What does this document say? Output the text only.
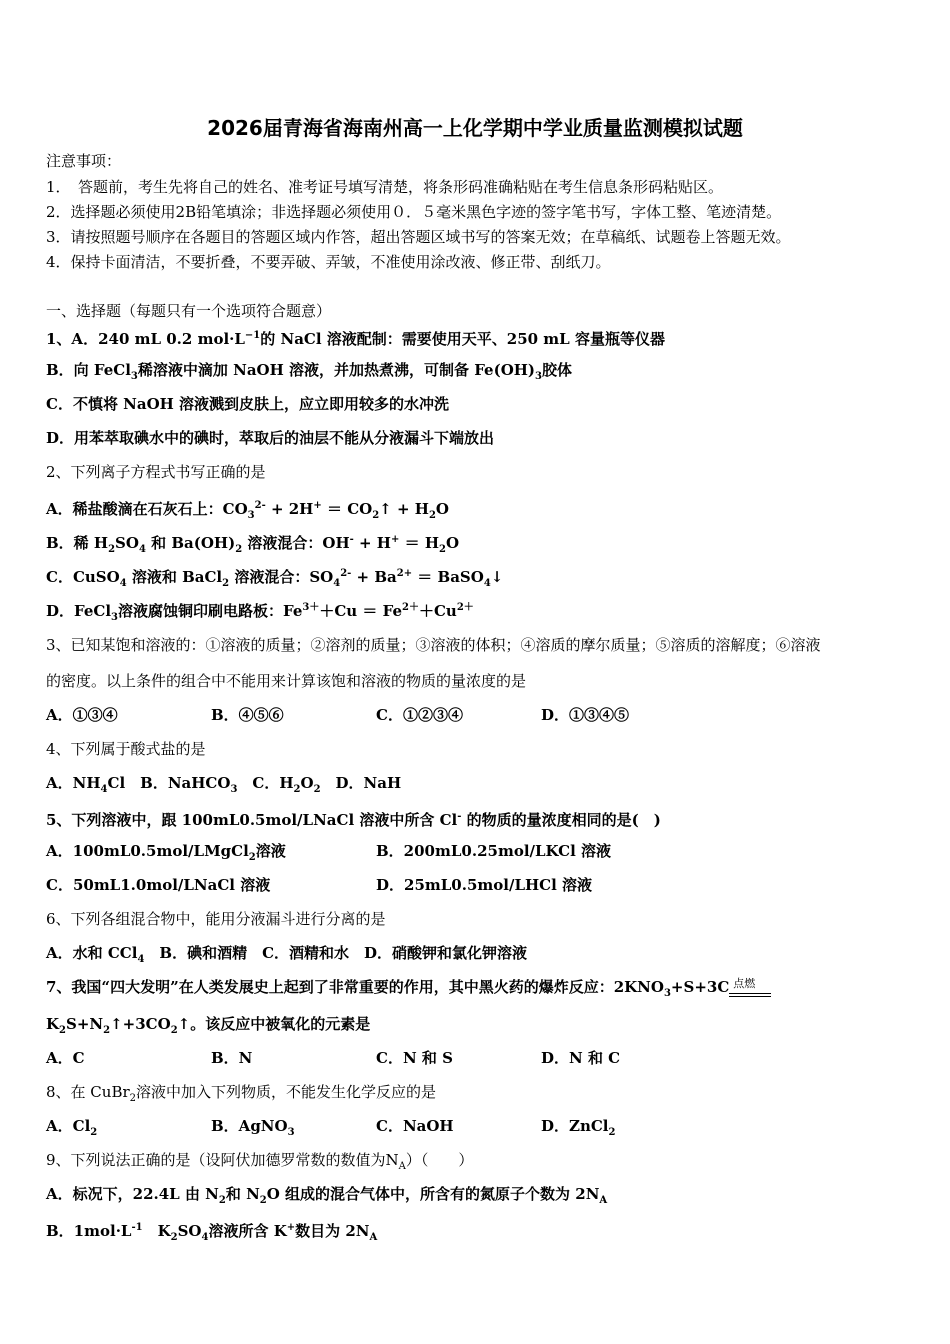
2026届青海省海南州高一上化学期中学业质量监测模拟试题
注意事项：
1．　答题前，考生先将自己的姓名、准考证号填写清楚，将条形码准确粘贴在考生信息条形码粘贴区。
2．选择题必须使用2B铅笔填涂；非选择题必须使用０．５毫米黑色字迹的签字笔书写，字体工整、笔迹清楚。
3．请按照题号顺序在各题目的答题区域内作答，超出答题区域书写的答案无效；在草稿纸、试题卷上答题无效。
4．保持卡面清洁，不要折叠，不要弄破、弄皱，不准使用涂改液、修正带、刮纸刀。
一、选择题（每题只有一个选项符合题意）
1、A．240 mL 0.2 $mol\cdot L^{-1}$的 NaCl 溶液配制：需要使用天平、250 mL 容量瓶等仪器
B．向 FeCl$_3$稀溶液中滴加 NaOH 溶液，并加热煮沸，可制备 $Fe(OH)_3$胶体
C．不慎将 NaOH 溶液溅到皮肤上，应立即用较多的水冲洗
D．用苯萃取碘水中的碘时，萃取后的油层不能从分液漏斗下端放出
2、下列离子方程式书写正确的是
A．稀盐酸滴在石灰石上：$CO_3^{2-} + 2H^+$ ＝ $CO_2↑ + H_2O$
B．稀 $H_2SO_4$ 和 $Ba(OH)_2$ 溶液混合：$OH^- + H^+ = H_2O$
C．CuSO$_4$ 溶液和 BaCl$_2$ 溶液混合：$SO_4^{2-} + Ba^{2+}$ ＝ BaSO$_4$↓
D．FeCl$_3$溶液腐蚀铜印刷电路板：$Fe^{3+}+Cu = Fe^{2+}+Cu^{2+}$
3、已知某饱和溶液的：①溶液的质量；②溶剂的质量；③溶液的体积；④溶质的摩尔质量；⑤溶质的溶解度；⑥溶液
的密度。以上条件的组合中不能用来计算该饱和溶液的物质的量浓度的是
A．①③④	B．④⑤⑥	C．①②③④	D．①③④⑤
4、下列属于酸式盐的是
A．$NH_4Cl$　B．NaHCO$_3$　C．$H_2O_2$　D．NaH
5、下列溶液中，跟 100mL0.5mol/LNaCl 溶液中所含 Cl- 的物质的量浓度相同的是(　)
A．100mL0.5mol/LMgCl$_2$溶液	B．200mL0.25mol/LKCl 溶液
C．50mL1.0mol/LNaCl 溶液	D．25mL0.5mol/LHCl 溶液
6、下列各组混合物中，能用分液漏斗进行分离的是
A．水和 CCl$_4$　B．碘和酒精　C．酒精和水　D．硝酸钾和氯化钾溶液
7、我国“四大发明”在人类发展史上起到了非常重要的作用，其中黑火药的爆炸反应：$2KNO_3+S+3C$ 点燃
$K_2S+N_2↑+3CO_2↑$。该反应中被氧化的元素是
A．C	B．N	C．N 和 S	D．N 和 C
8、在 CuBr$_2$溶液中加入下列物质，不能发生化学反应的是
A．$Cl_2$	B．AgNO$_3$	C．NaOH	D．ZnCl$_2$
9、下列说法正确的是（设阿伏加德罗常数的数值为$N_A$）（　　）
A．标况下，22.4L 由 $N_2$和 $N_2O$ 组成的混合气体中，所含有的氮原子个数为 $2N_A$
B．$1mol\cdot L^{-1}$　$K_2SO_4$溶液所含 K+数目为 $2N_A$
